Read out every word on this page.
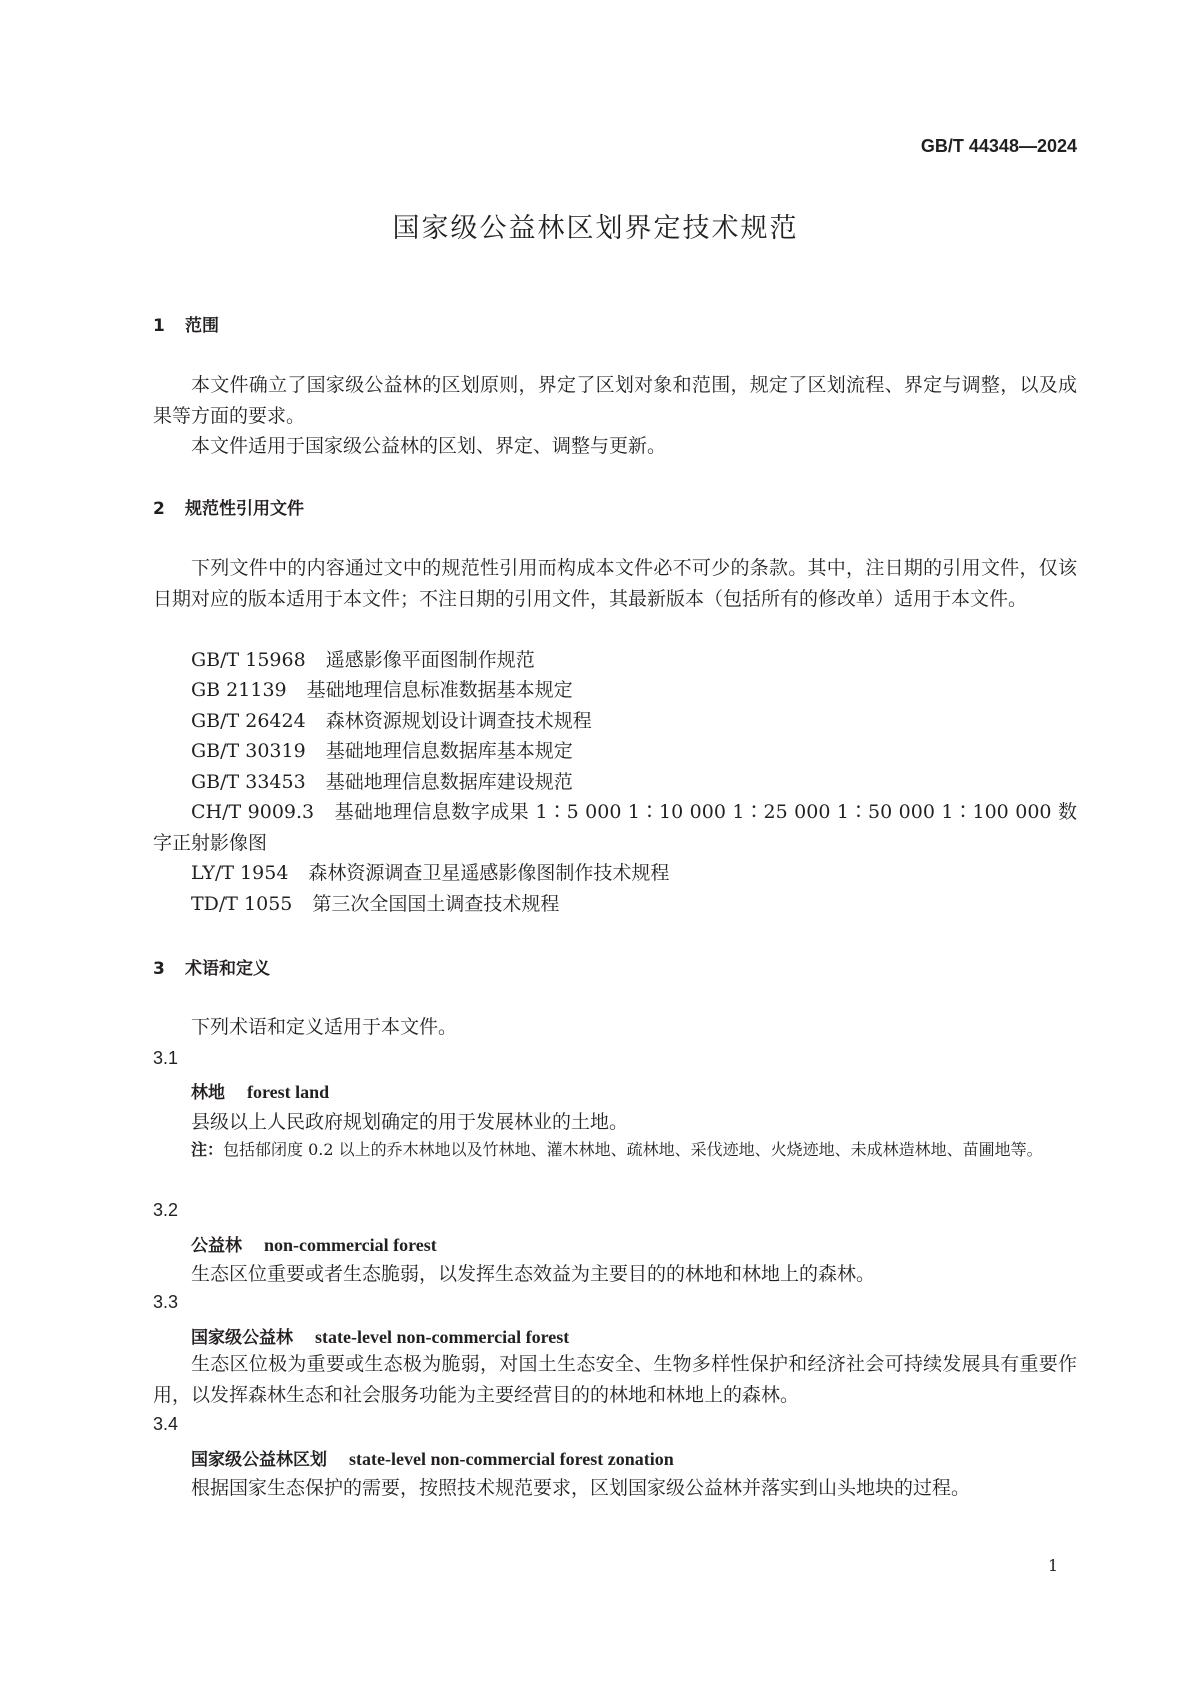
GB/T 44348—2024
国家级公益林区划界定技术规范
1 范围
本文件确立了国家级公益林的区划原则，界定了区划对象和范围，规定了区划流程、界定与调整，以及成果等方面的要求。
本文件适用于国家级公益林的区划、界定、调整与更新。
2 规范性引用文件
下列文件中的内容通过文中的规范性引用而构成本文件必不可少的条款。其中，注日期的引用文件，仅该日期对应的版本适用于本文件；不注日期的引用文件，其最新版本（包括所有的修改单）适用于本文件。
GB/T 15968 遥感影像平面图制作规范
GB 21139 基础地理信息标准数据基本规定
GB/T 26424 森林资源规划设计调查技术规程
GB/T 30319 基础地理信息数据库基本规定
GB/T 33453 基础地理信息数据库建设规范
CH/T 9009.3 基础地理信息数字成果 1∶5 000 1∶10 000 1∶25 000 1∶50 000 1∶100 000 数字正射影像图
LY/T 1954 森林资源调查卫星遥感影像图制作技术规程
TD/T 1055 第三次全国国土调查技术规程
3 术语和定义
下列术语和定义适用于本文件。
3.1
林地 forest land
县级以上人民政府规划确定的用于发展林业的土地。
注：包括郁闭度 0.2 以上的乔木林地以及竹林地、灌木林地、疏林地、采伐迹地、火烧迹地、未成林造林地、苗圃地等。
3.2
公益林 non-commercial forest
生态区位重要或者生态脆弱，以发挥生态效益为主要目的的林地和林地上的森林。
3.3
国家级公益林 state-level non-commercial forest
生态区位极为重要或生态极为脆弱，对国土生态安全、生物多样性保护和经济社会可持续发展具有重要作用，以发挥森林生态和社会服务功能为主要经营目的的林地和林地上的森林。
3.4
国家级公益林区划 state-level non-commercial forest zonation
根据国家生态保护的需要，按照技术规范要求，区划国家级公益林并落实到山头地块的过程。
1
